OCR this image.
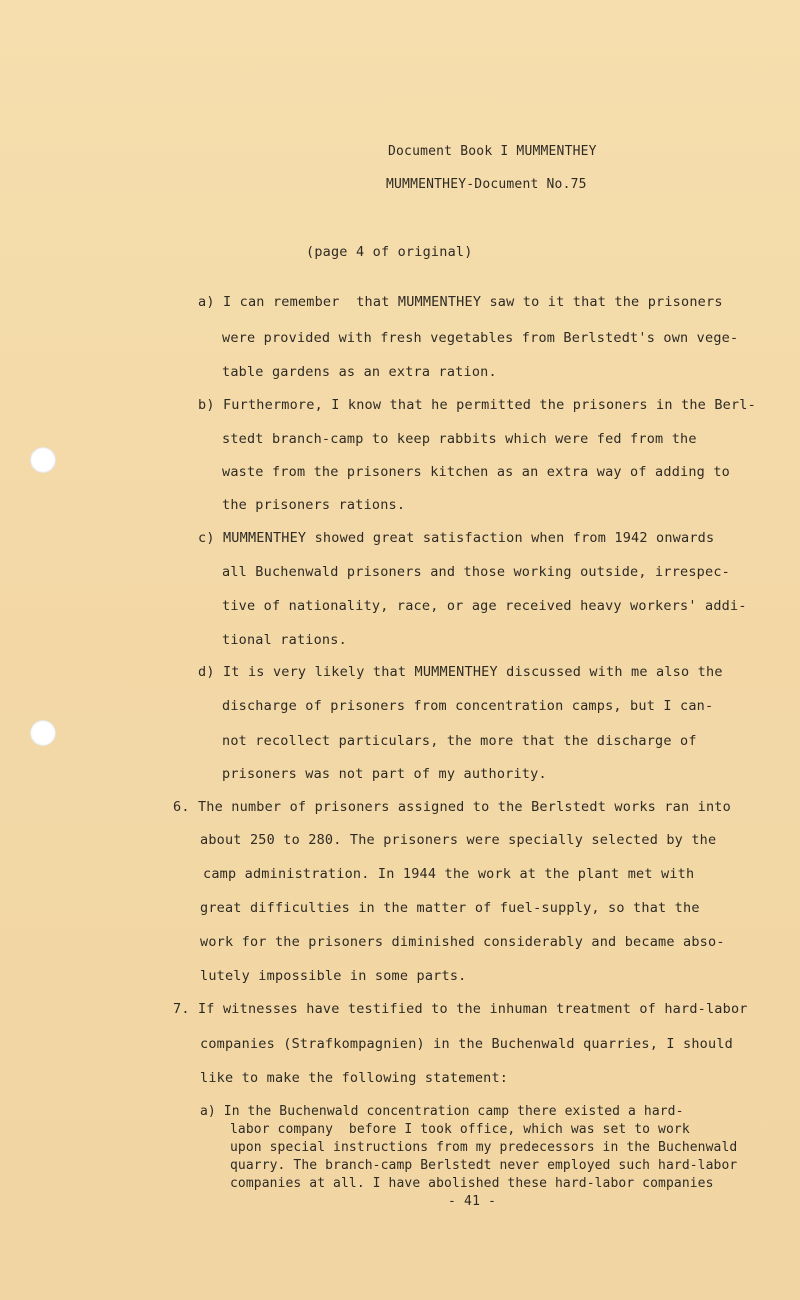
Document Book I MUMMENTHEY
MUMMENTHEY-Document No.75
(page 4 of original)
a) I can remember  that MUMMENTHEY saw to it that the prisoners
were provided with fresh vegetables from Berlstedt's own vege-
table gardens as an extra ration.
b) Furthermore, I know that he permitted the prisoners in the Berl-
stedt branch-camp to keep rabbits which were fed from the
waste from the prisoners kitchen as an extra way of adding to
the prisoners rations.
c) MUMMENTHEY showed great satisfaction when from 1942 onwards
all Buchenwald prisoners and those working outside, irrespec-
tive of nationality, race, or age received heavy workers' addi-
tional rations.
d) It is very likely that MUMMENTHEY discussed with me also the
discharge of prisoners from concentration camps, but I can-
not recollect particulars, the more that the discharge of
prisoners was not part of my authority.
6. The number of prisoners assigned to the Berlstedt works ran into
about 250 to 280. The prisoners were specially selected by the
camp administration. In 1944 the work at the plant met with
great difficulties in the matter of fuel-supply, so that the
work for the prisoners diminished considerably and became abso-
lutely impossible in some parts.
7. If witnesses have testified to the inhuman treatment of hard-labor
companies (Strafkompagnien) in the Buchenwald quarries, I should
like to make the following statement:
a) In the Buchenwald concentration camp there existed a hard-
labor company  before I took office, which was set to work
upon special instructions from my predecessors in the Buchenwald
quarry. The branch-camp Berlstedt never employed such hard-labor
companies at all. I have abolished these hard-labor companies
- 41 -
